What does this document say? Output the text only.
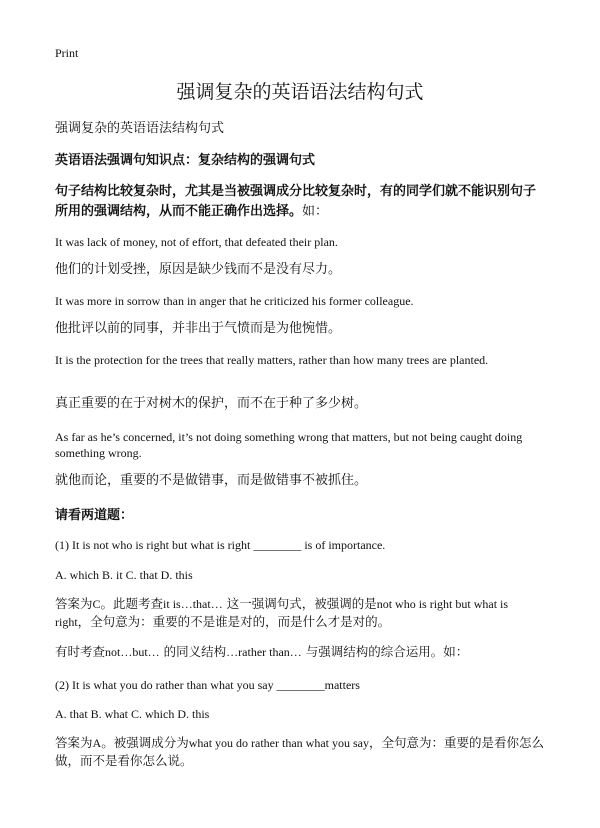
Print
强调复杂的英语语法结构句式

强调复杂的英语语法结构句式

英语语法强调句知识点：复杂结构的强调句式

句子结构比较复杂时，尤其是当被强调成分比较复杂时，有的同学们就不能识别句子所用的强调结构，从而不能正确作出选择。如：

It was lack of money, not of effort, that defeated their plan.

他们的计划受挫，原因是缺少钱而不是没有尽力。

It was more in sorrow than in anger that he criticized his former colleague.

他批评以前的同事，并非出于气愤而是为他惋惜。

It is the protection for the trees that really matters, rather than how many trees are planted.

真正重要的在于对树木的保护，而不在于种了多少树。

As far as he’s concerned, it’s not doing something wrong that matters, but not being caught doing something wrong.

就他而论，重要的不是做错事，而是做错事不被抓住。

请看两道题：

(1) It is not who is right but what is right ________ is of importance.

A. which B. it C. that D. this

答案为C。此题考查it is…that… 这一强调句式，被强调的是not who is right but what is right，全句意为：重要的不是谁是对的，而是什么才是对的。

有时考查not…but… 的同义结构…rather than… 与强调结构的综合运用。如：

(2) It is what you do rather than what you say ________matters

A. that B. what C. which D. this

答案为A。被强调成分为what you do rather than what you say，全句意为：重要的是看你怎么做，而不是看你怎么说。
